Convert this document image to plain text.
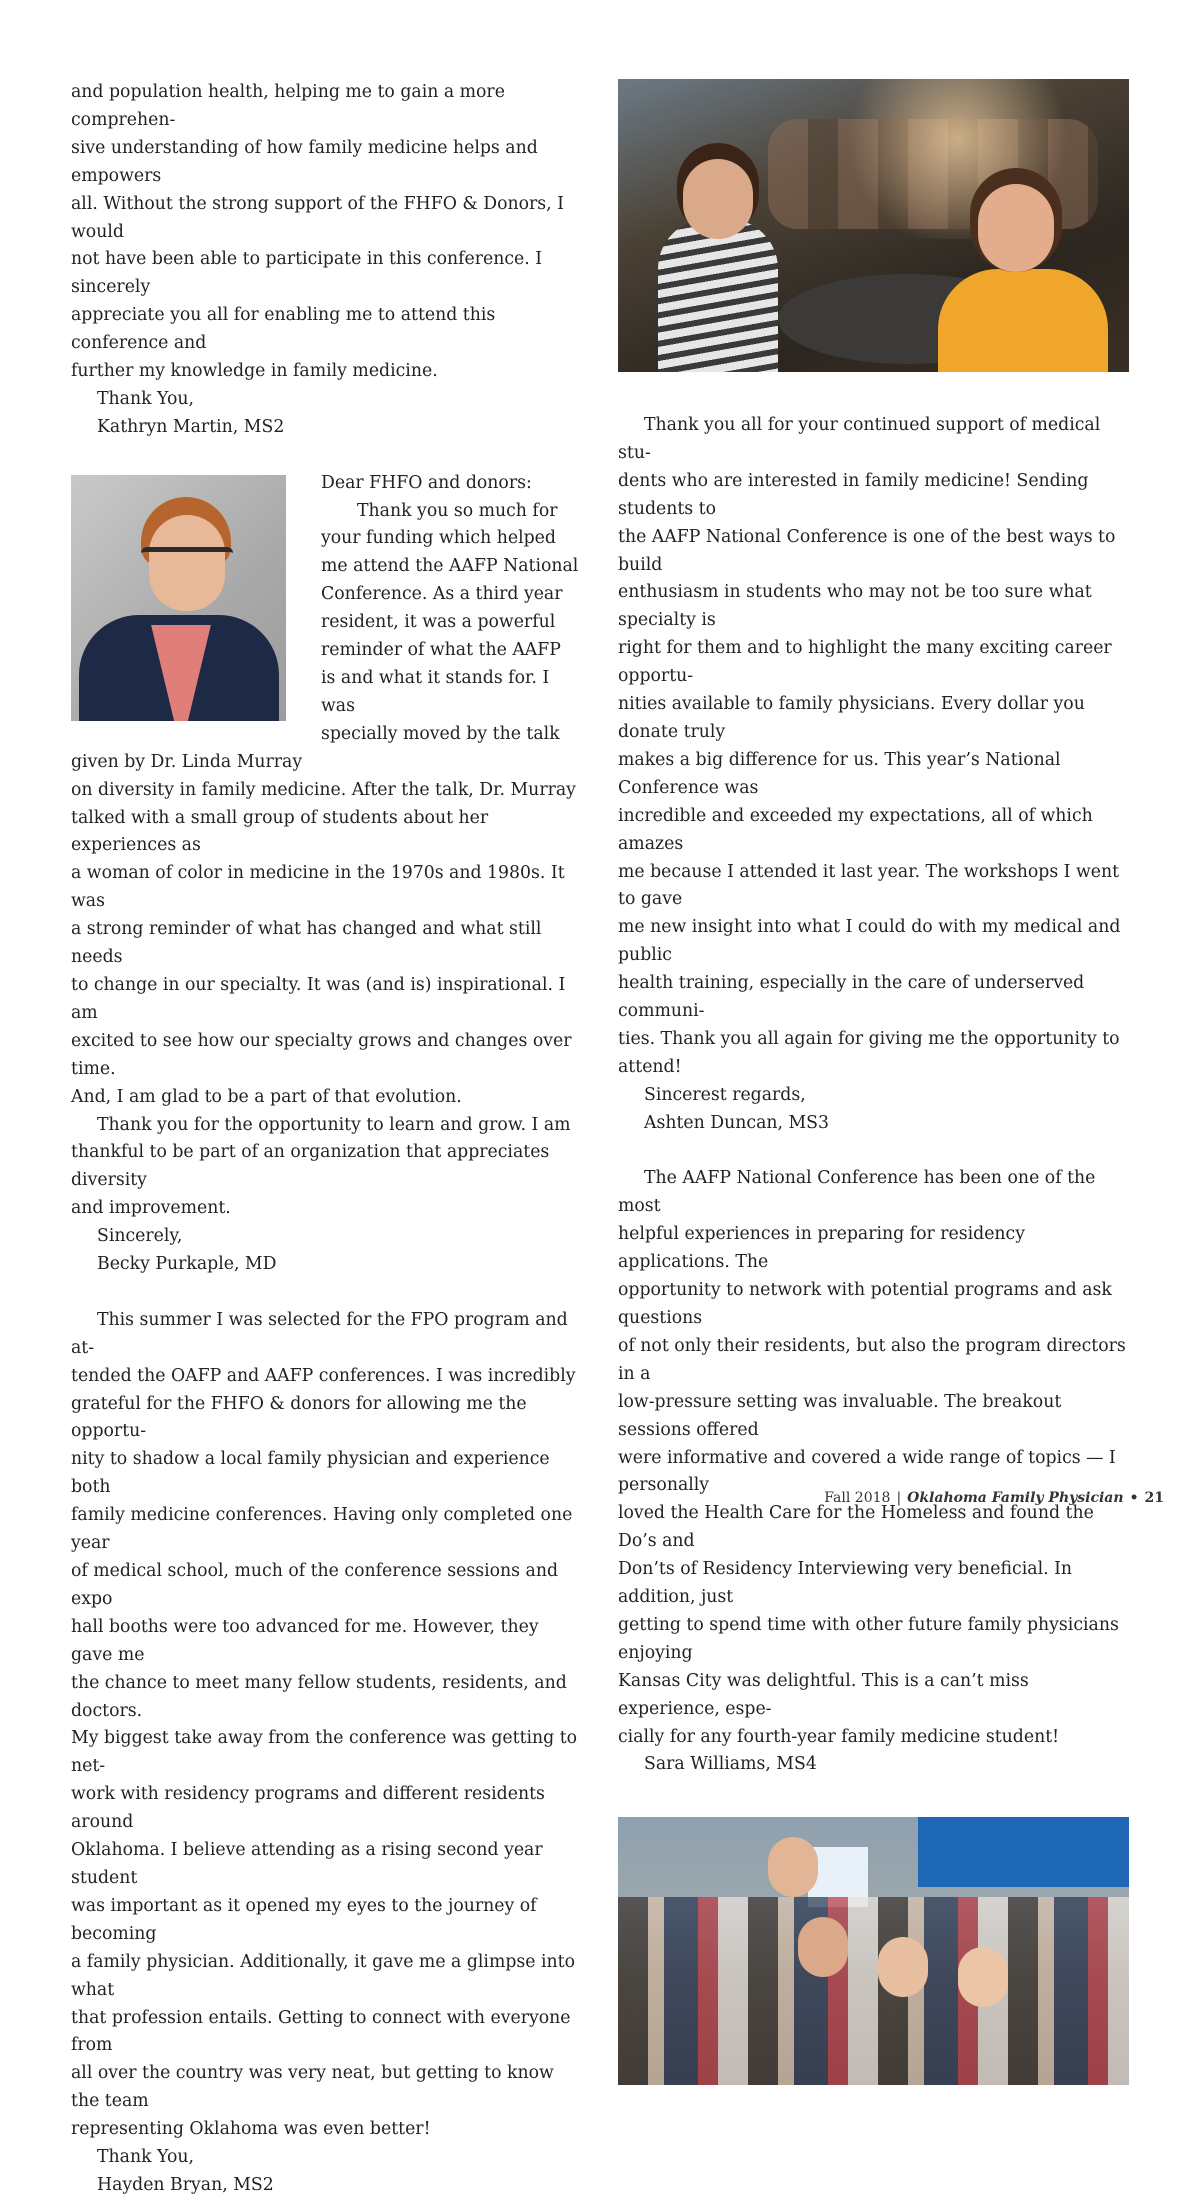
and population health, helping me to gain a more comprehen-
sive understanding of how family medicine helps and empowers
all. Without the strong support of the FHFO & Donors, I would
not have been able to participate in this conference. I sincerely
appreciate you all for enabling me to attend this conference and
further my knowledge in family medicine.

Thank You,

Kathryn Martin, MS2

Dear FHFO and donors:
Thank you so much for
your funding which helped
me attend the AAFP National
Conference. As a third year
resident, it was a powerful
reminder of what the AAFP
is and what it stands for. I was
specially moved by the talk
given by Dr. Linda Murray

on diversity in family medicine. After the talk, Dr. Murray
talked with a small group of students about her experiences as
a woman of color in medicine in the 1970s and 1980s. It was
a strong reminder of what has changed and what still needs
to change in our specialty. It was (and is) inspirational. I am
excited to see how our specialty grows and changes over time.
And, I am glad to be a part of that evolution.

Thank you for the opportunity to learn and grow. I am
thankful to be part of an organization that appreciates diversity
and improvement.

Sincerely,

Becky Purkaple, MD

This summer I was selected for the FPO program and at-
tended the OAFP and AAFP conferences. I was incredibly
grateful for the FHFO & donors for allowing me the opportu-
nity to shadow a local family physician and experience both
family medicine conferences. Having only completed one year
of medical school, much of the conference sessions and expo
hall booths were too advanced for me. However, they gave me
the chance to meet many fellow students, residents, and doctors.
My biggest take away from the conference was getting to net-
work with residency programs and different residents around
Oklahoma. I believe attending as a rising second year student
was important as it opened my eyes to the journey of becoming
a family physician. Additionally, it gave me a glimpse into what
that profession entails. Getting to connect with everyone from
all over the country was very neat, but getting to know the team
representing Oklahoma was even better!

Thank You,

Hayden Bryan, MS2

Thank you all for your continued support of medical stu-
dents who are interested in family medicine! Sending students to
the AAFP National Conference is one of the best ways to build
enthusiasm in students who may not be too sure what specialty is
right for them and to highlight the many exciting career opportu-
nities available to family physicians. Every dollar you donate truly
makes a big difference for us. This year’s National Conference was
incredible and exceeded my expectations, all of which amazes
me because I attended it last year. The workshops I went to gave
me new insight into what I could do with my medical and public
health training, especially in the care of underserved communi-
ties. Thank you all again for giving me the opportunity to attend!

Sincerest regards,

Ashten Duncan, MS3

The AAFP National Conference has been one of the most
helpful experiences in preparing for residency applications. The
opportunity to network with potential programs and ask questions
of not only their residents, but also the program directors in a
low-pressure setting was invaluable. The breakout sessions offered
were informative and covered a wide range of topics — I personally
loved the Health Care for the Homeless and found the Do’s and
Don’ts of Residency Interviewing very beneficial. In addition, just
getting to spend time with other future family physicians enjoying
Kansas City was delightful. This is a can’t miss experience, espe-
cially for any fourth-year family medicine student!

Sara Williams, MS4

Fall 2018 | Oklahoma Family Physician • 21
